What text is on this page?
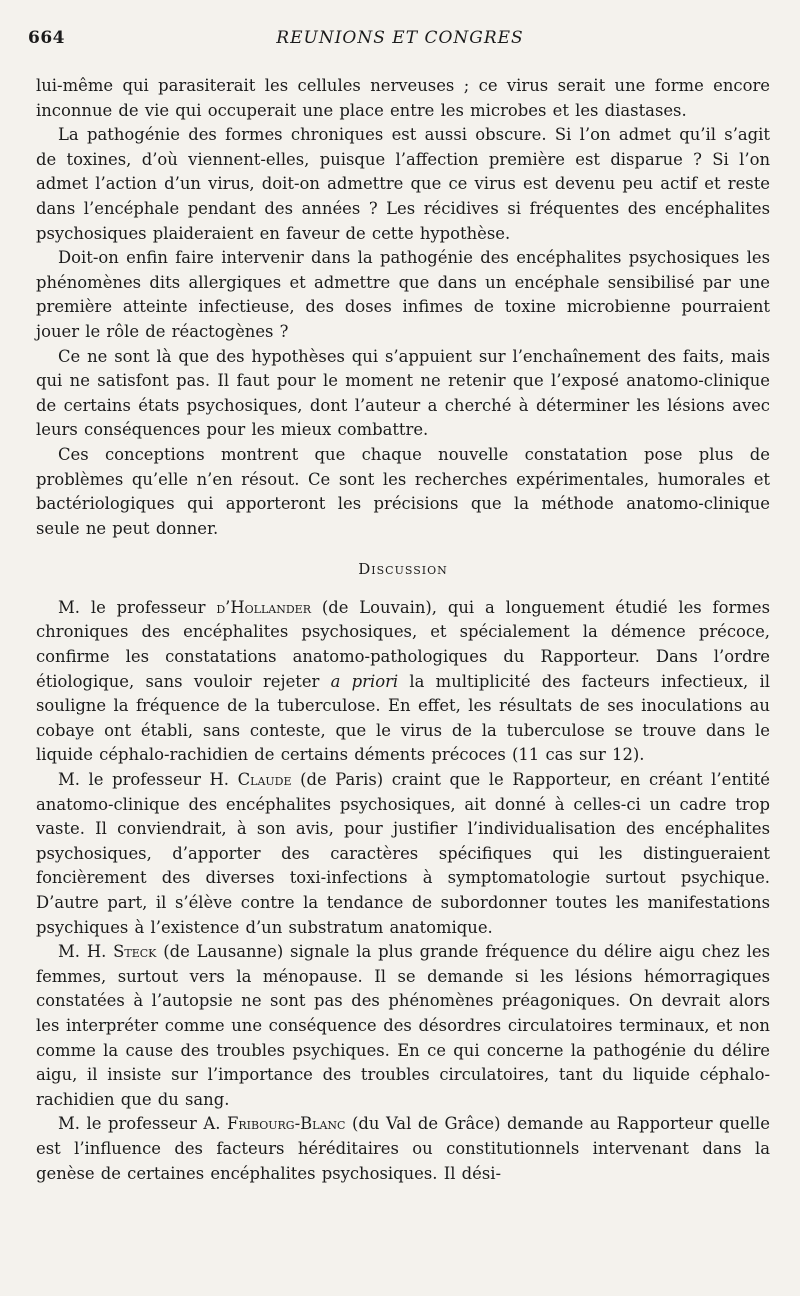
664	REUNIONS ET CONGRES

lui-même qui parasiterait les cellules nerveuses ; ce virus serait une forme encore inconnue de vie qui occuperait une place entre les microbes et les diastases.

La pathogénie des formes chroniques est aussi obscure. Si l’on admet qu’il s’agit de toxines, d’où viennent-elles, puisque l’affection première est disparue ? Si l’on admet l’action d’un virus, doit-on admettre que ce virus est devenu peu actif et reste dans l’encéphale pendant des années ? Les récidives si fréquentes des encéphalites psychosiques plaideraient en faveur de cette hypothèse.

Doit-on enfin faire intervenir dans la pathogénie des encéphalites psychosiques les phénomènes dits allergiques et admettre que dans un encéphale sensibilisé par une première atteinte infectieuse, des doses infimes de toxine microbienne pourraient jouer le rôle de réactogènes ?

Ce ne sont là que des hypothèses qui s’appuient sur l’enchaînement des faits, mais qui ne satisfont pas. Il faut pour le moment ne retenir que l’exposé anatomo-clinique de certains états psychosiques, dont l’auteur a cherché à déterminer les lésions avec leurs conséquences pour les mieux combattre.

Ces conceptions montrent que chaque nouvelle constatation pose plus de problèmes qu’elle n’en résout. Ce sont les recherches expérimentales, humorales et bactériologiques qui apporteront les précisions que la méthode anatomo-clinique seule ne peut donner.

Discussion

M. le professeur d’Hollander (de Louvain), qui a longuement étudié les formes chroniques des encéphalites psychosiques, et spécialement la démence précoce, confirme les constatations anatomo-pathologiques du Rapporteur. Dans l’ordre étiologique, sans vouloir rejeter a priori la multiplicité des facteurs infectieux, il souligne la fréquence de la tuberculose. En effet, les résultats de ses inoculations au cobaye ont établi, sans conteste, que le virus de la tuberculose se trouve dans le liquide céphalo-rachidien de certains déments précoces (11 cas sur 12).

M. le professeur H. Claude (de Paris) craint que le Rapporteur, en créant l’entité anatomo-clinique des encéphalites psychosiques, ait donné à celles-ci un cadre trop vaste. Il conviendrait, à son avis, pour justifier l’individualisation des encéphalites psychosiques, d’apporter des caractères spécifiques qui les distingueraient foncièrement des diverses toxi-infections à symptomatologie surtout psychique. D’autre part, il s’élève contre la tendance de subordonner toutes les manifestations psychiques à l’existence d’un substratum anatomique.

M. H. Steck (de Lausanne) signale la plus grande fréquence du délire aigu chez les femmes, surtout vers la ménopause. Il se demande si les lésions hémorragiques constatées à l’autopsie ne sont pas des phénomènes préagoniques. On devrait alors les interpréter comme une conséquence des désordres circulatoires terminaux, et non comme la cause des troubles psychiques. En ce qui concerne la pathogénie du délire aigu, il insiste sur l’importance des troubles circulatoires, tant du liquide céphalo-rachidien que du sang.

M. le professeur A. Fribourg-Blanc (du Val de Grâce) demande au Rapporteur quelle est l’influence des facteurs héréditaires ou constitutionnels intervenant dans la genèse de certaines encéphalites psychosiques. Il dési-
